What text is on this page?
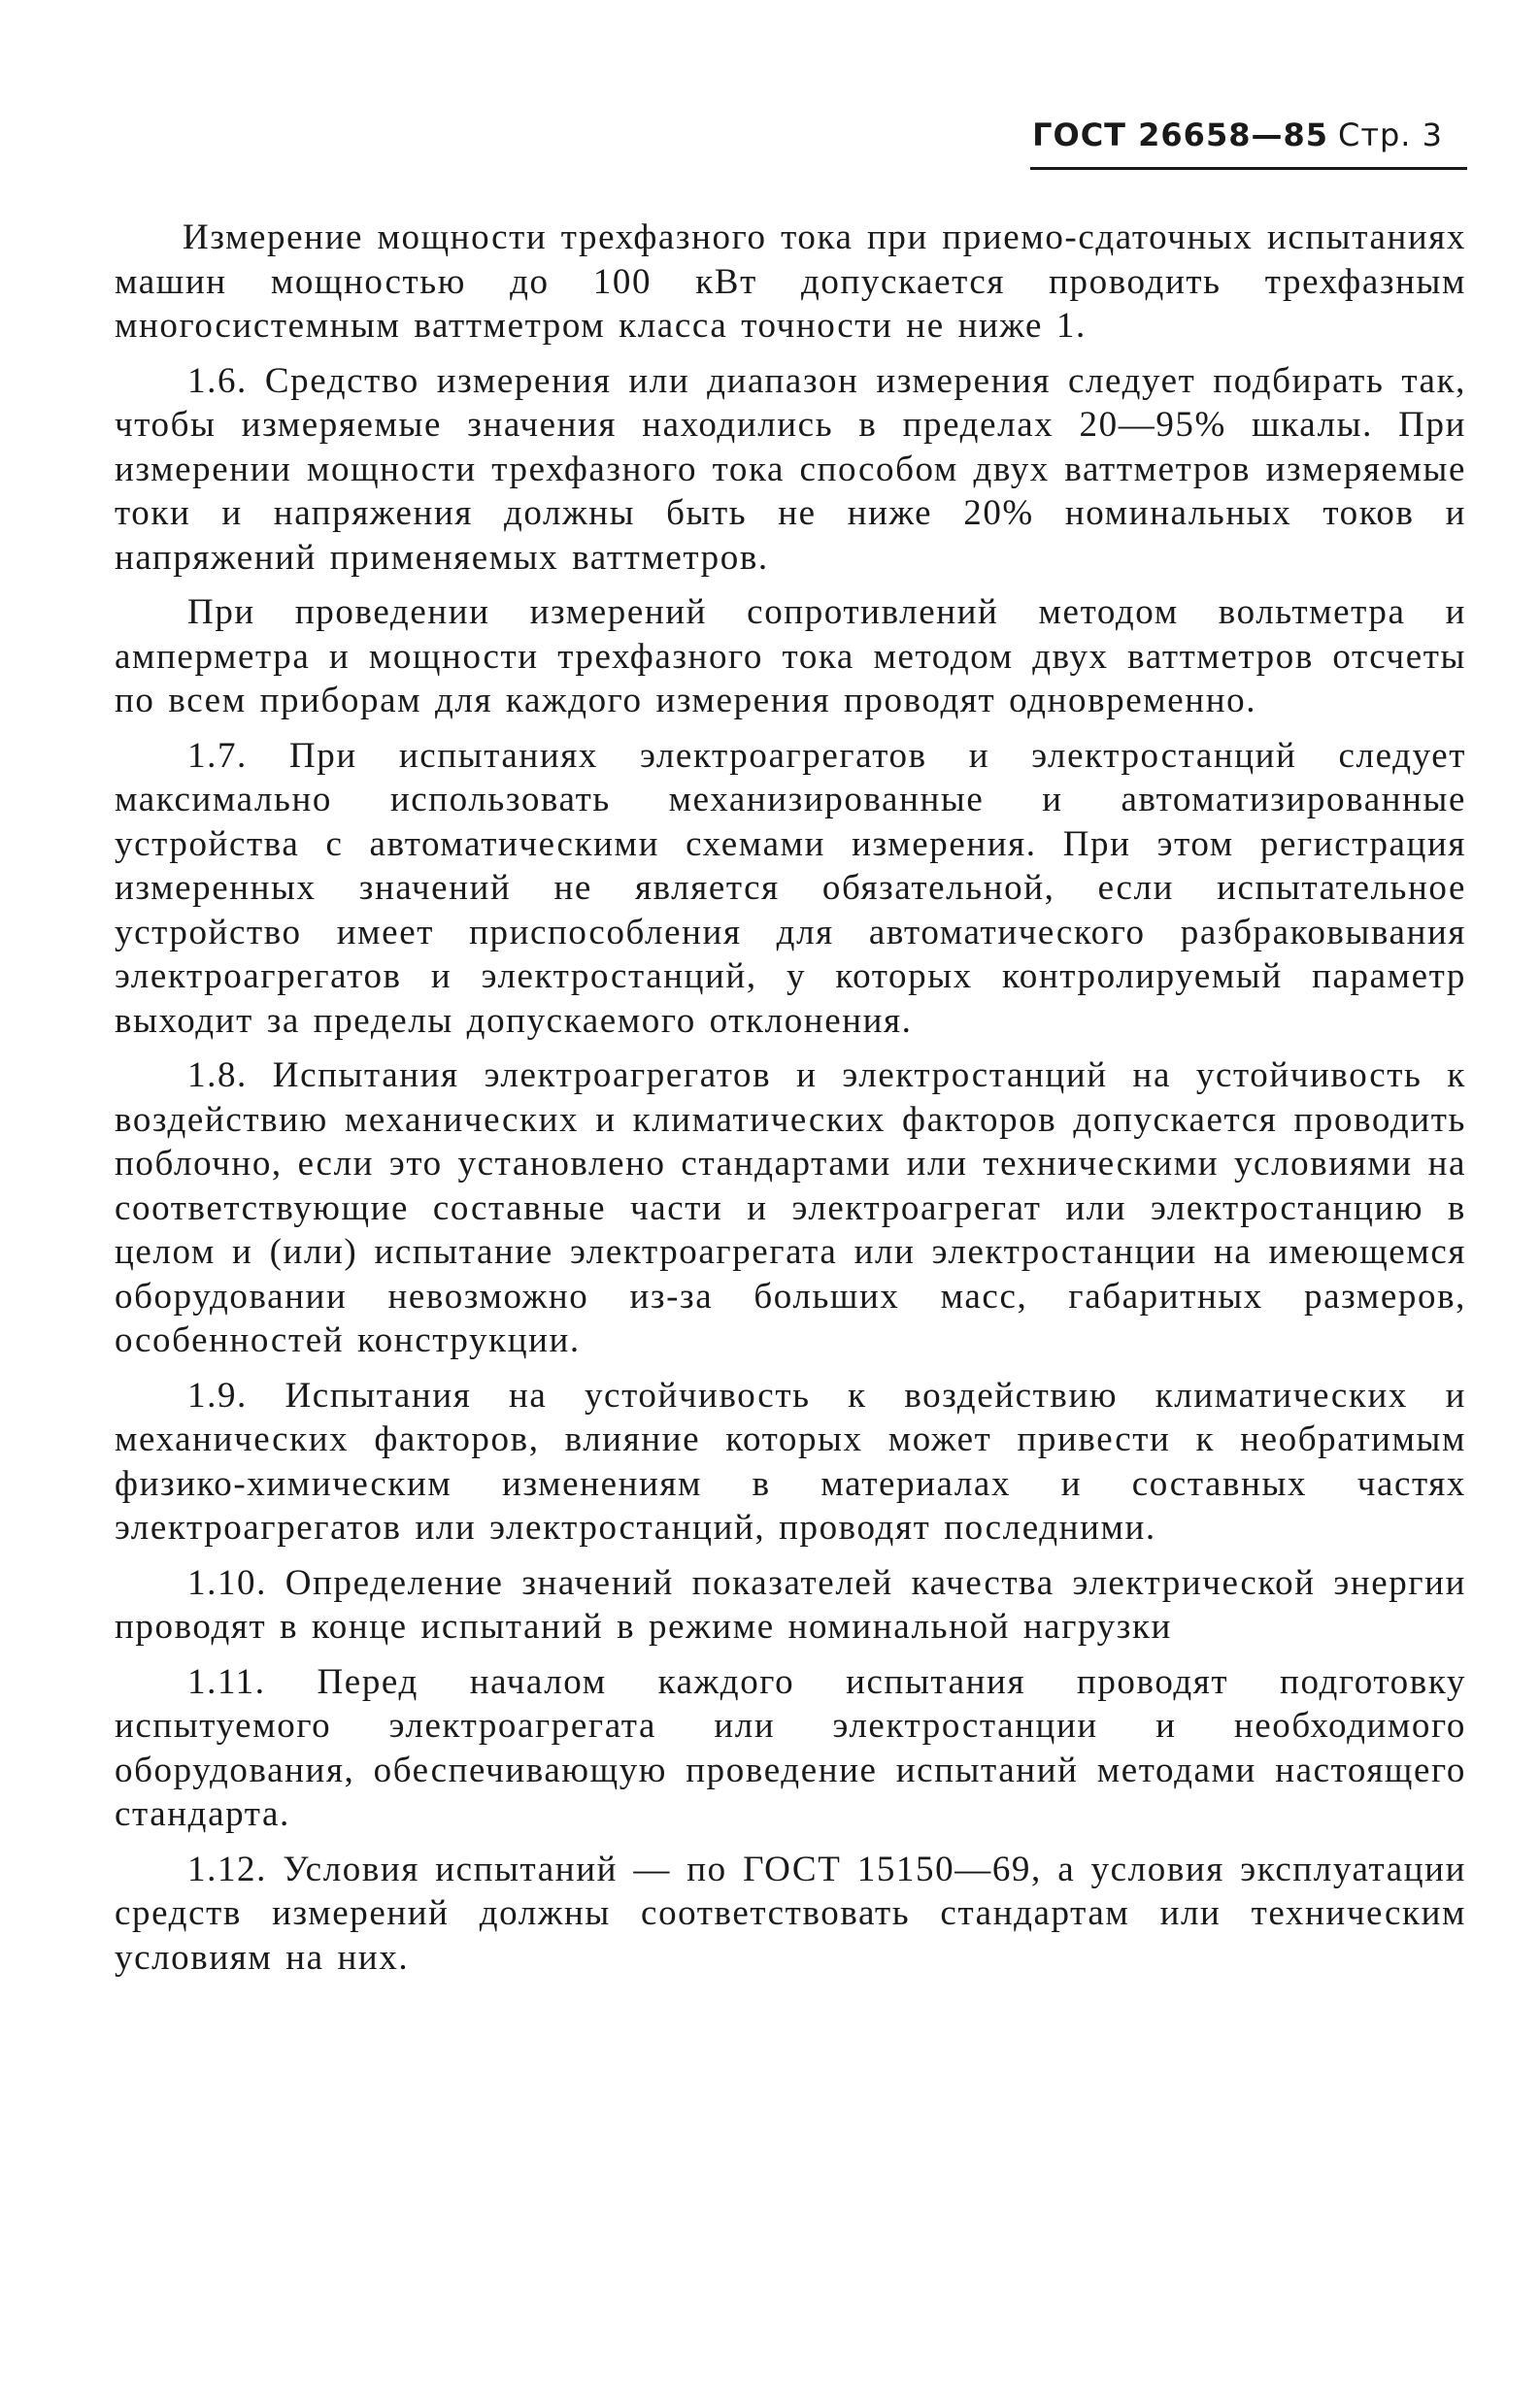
ГОСТ 26658—85 Стр. 3

Измерение мощности трехфазного тока при приемо-сдаточных испытаниях машин мощностью до 100 кВт допускается проводить трехфазным многосистемным ваттметром класса точности не ниже 1.

1.6. Средство измерения или диапазон измерения следует подбирать так, чтобы измеряемые значения находились в пределах 20—95% шкалы. При измерении мощности трехфазного тока способом двух ваттметров измеряемые токи и напряжения должны быть не ниже 20% номинальных токов и напряжений применяемых ваттметров.

При проведении измерений сопротивлений методом вольтметра и амперметра и мощности трехфазного тока методом двух ваттметров отсчеты по всем приборам для каждого измерения проводят одновременно.

1.7. При испытаниях электроагрегатов и электростанций следует максимально использовать механизированные и автоматизированные устройства с автоматическими схемами измерения. При этом регистрация измеренных значений не является обязательной, если испытательное устройство имеет приспособления для автоматического разбраковывания электроагрегатов и электростанций, у которых контролируемый параметр выходит за пределы допускаемого отклонения.

1.8. Испытания электроагрегатов и электростанций на устойчивость к воздействию механических и климатических факторов допускается проводить поблочно, если это установлено стандартами или техническими условиями на соответствующие составные части и электроагрегат или электростанцию в целом и (или) испытание электроагрегата или электростанции на имеющемся оборудовании невозможно из-за больших масс, габаритных размеров, особенностей конструкции.

1.9. Испытания на устойчивость к воздействию климатических и механических факторов, влияние которых может привести к необратимым физико-химическим изменениям в материалах и составных частях электроагрегатов или электростанций, проводят последними.

1.10. Определение значений показателей качества электрической энергии проводят в конце испытаний в режиме номинальной нагрузки

1.11. Перед началом каждого испытания проводят подготовку испытуемого электроагрегата или электростанции и необходимого оборудования, обеспечивающую проведение испытаний методами настоящего стандарта.

1.12. Условия испытаний — по ГОСТ 15150—69, а условия эксплуатации средств измерений должны соответствовать стандартам или техническим условиям на них.
